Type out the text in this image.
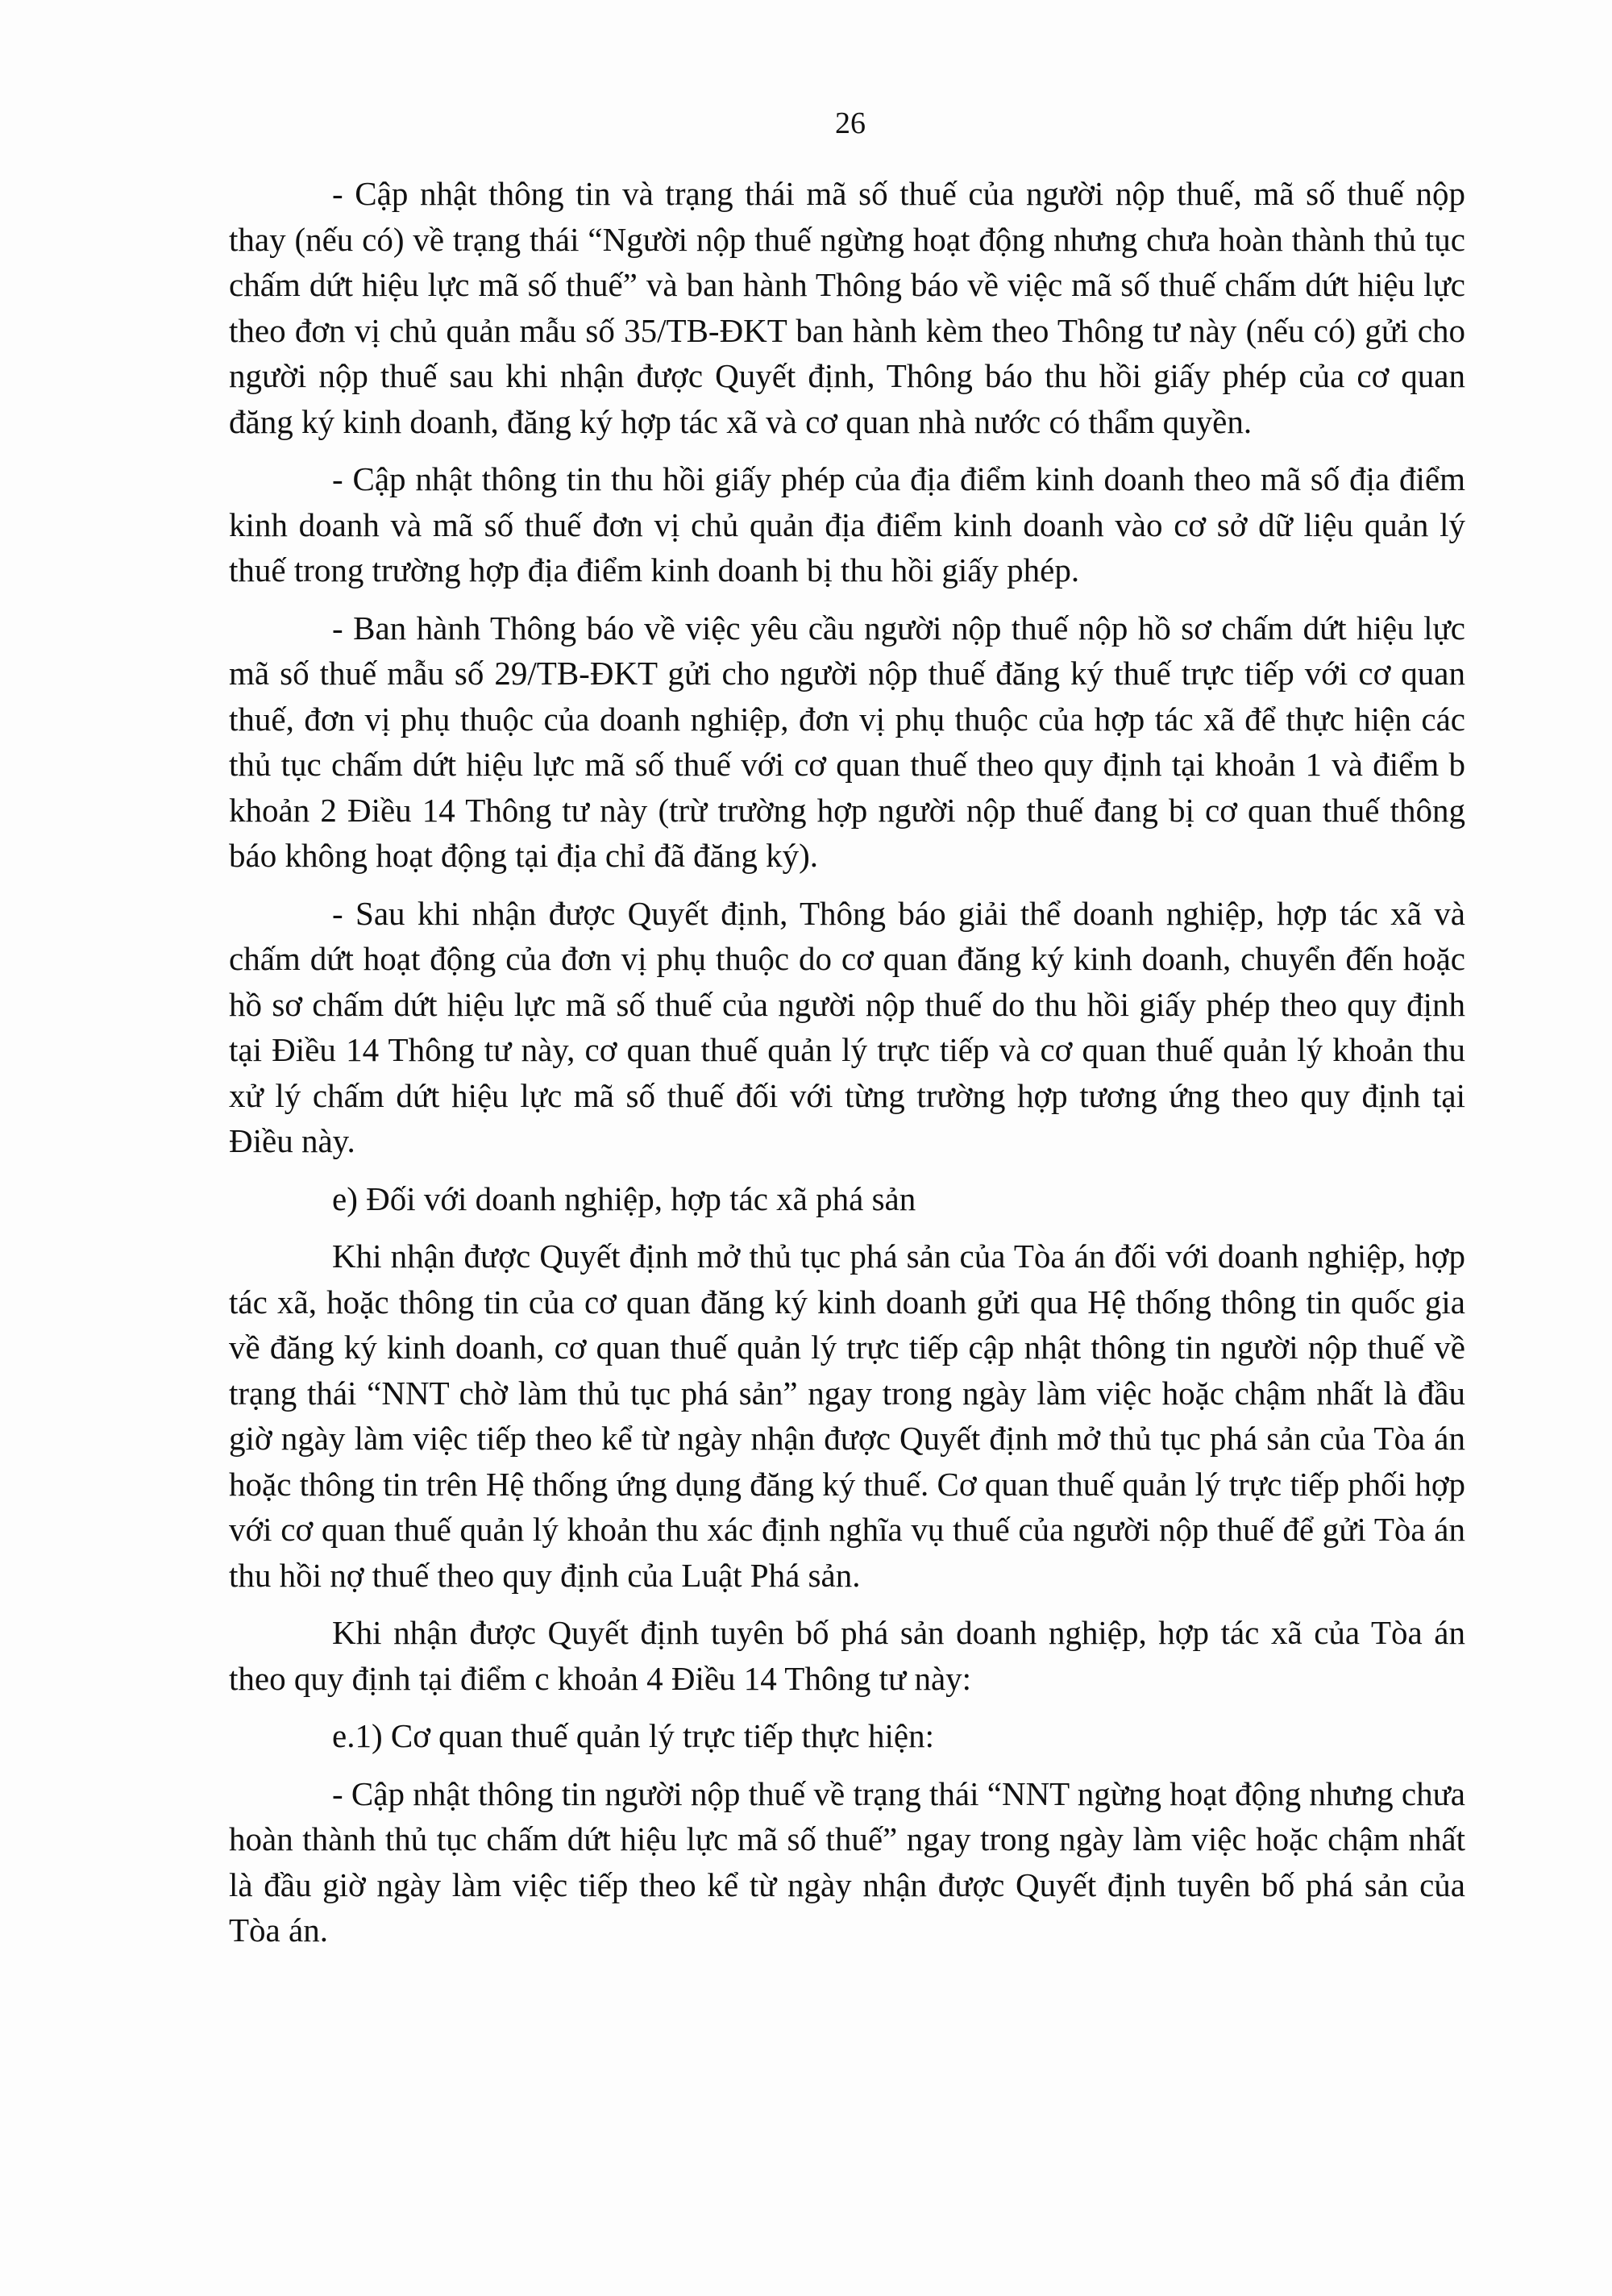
26

- Cập nhật thông tin và trạng thái mã số thuế của người nộp thuế, mã số thuế nộp thay (nếu có) về trạng thái “Người nộp thuế ngừng hoạt động nhưng chưa hoàn thành thủ tục chấm dứt hiệu lực mã số thuế” và ban hành Thông báo về việc mã số thuế chấm dứt hiệu lực theo đơn vị chủ quản mẫu số 35/TB-ĐKT ban hành kèm theo Thông tư này (nếu có) gửi cho người nộp thuế sau khi nhận được Quyết định, Thông báo thu hồi giấy phép của cơ quan đăng ký kinh doanh, đăng ký hợp tác xã và cơ quan nhà nước có thẩm quyền.

- Cập nhật thông tin thu hồi giấy phép của địa điểm kinh doanh theo mã số địa điểm kinh doanh và mã số thuế đơn vị chủ quản địa điểm kinh doanh vào cơ sở dữ liệu quản lý thuế trong trường hợp địa điểm kinh doanh bị thu hồi giấy phép.

- Ban hành Thông báo về việc yêu cầu người nộp thuế nộp hồ sơ chấm dứt hiệu lực mã số thuế mẫu số 29/TB-ĐKT gửi cho người nộp thuế đăng ký thuế trực tiếp với cơ quan thuế, đơn vị phụ thuộc của doanh nghiệp, đơn vị phụ thuộc của hợp tác xã để thực hiện các thủ tục chấm dứt hiệu lực mã số thuế với cơ quan thuế theo quy định tại khoản 1 và điểm b khoản 2 Điều 14 Thông tư này (trừ trường hợp người nộp thuế đang bị cơ quan thuế thông báo không hoạt động tại địa chỉ đã đăng ký).

- Sau khi nhận được Quyết định, Thông báo giải thể doanh nghiệp, hợp tác xã và chấm dứt hoạt động của đơn vị phụ thuộc do cơ quan đăng ký kinh doanh, chuyển đến hoặc hồ sơ chấm dứt hiệu lực mã số thuế của người nộp thuế do thu hồi giấy phép theo quy định tại Điều 14 Thông tư này, cơ quan thuế quản lý trực tiếp và cơ quan thuế quản lý khoản thu xử lý chấm dứt hiệu lực mã số thuế đối với từng trường hợp tương ứng theo quy định tại Điều này.

e) Đối với doanh nghiệp, hợp tác xã phá sản

Khi nhận được Quyết định mở thủ tục phá sản của Tòa án đối với doanh nghiệp, hợp tác xã, hoặc thông tin của cơ quan đăng ký kinh doanh gửi qua Hệ thống thông tin quốc gia về đăng ký kinh doanh, cơ quan thuế quản lý trực tiếp cập nhật thông tin người nộp thuế về trạng thái “NNT chờ làm thủ tục phá sản” ngay trong ngày làm việc hoặc chậm nhất là đầu giờ ngày làm việc tiếp theo kể từ ngày nhận được Quyết định mở thủ tục phá sản của Tòa án hoặc thông tin trên Hệ thống ứng dụng đăng ký thuế. Cơ quan thuế quản lý trực tiếp phối hợp với cơ quan thuế quản lý khoản thu xác định nghĩa vụ thuế của người nộp thuế để gửi Tòa án thu hồi nợ thuế theo quy định của Luật Phá sản.

Khi nhận được Quyết định tuyên bố phá sản doanh nghiệp, hợp tác xã của Tòa án theo quy định tại điểm c khoản 4 Điều 14 Thông tư này:

e.1) Cơ quan thuế quản lý trực tiếp thực hiện:

- Cập nhật thông tin người nộp thuế về trạng thái “NNT ngừng hoạt động nhưng chưa hoàn thành thủ tục chấm dứt hiệu lực mã số thuế” ngay trong ngày làm việc hoặc chậm nhất là đầu giờ ngày làm việc tiếp theo kể từ ngày nhận được Quyết định tuyên bố phá sản của Tòa án.
